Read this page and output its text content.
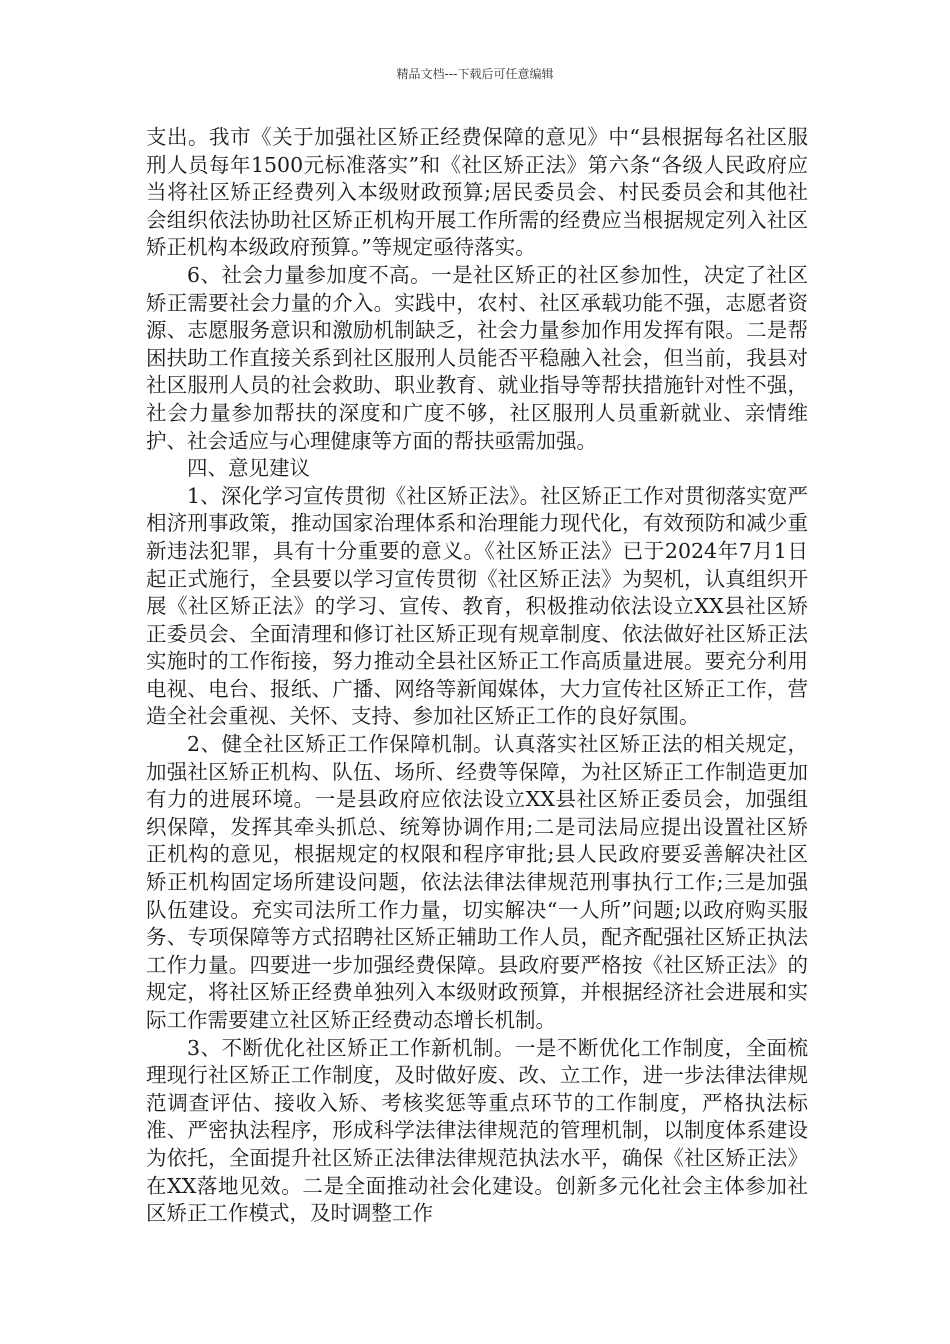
精品文档---下载后可任意编辑

支出。我市《关于加强社区矫正经费保障的意见》中“县根据每名社区服刑人员每年1500元标准落实”和《社区矫正法》第六条“各级人民政府应当将社区矫正经费列入本级财政预算;居民委员会、村民委员会和其他社会组织依法协助社区矫正机构开展工作所需的经费应当根据规定列入社区矫正机构本级政府预算。”等规定亟待落实。

6、社会力量参加度不高。一是社区矫正的社区参加性，决定了社区矫正需要社会力量的介入。实践中，农村、社区承载功能不强，志愿者资源、志愿服务意识和激励机制缺乏，社会力量参加作用发挥有限。二是帮困扶助工作直接关系到社区服刑人员能否平稳融入社会，但当前，我县对社区服刑人员的社会救助、职业教育、就业指导等帮扶措施针对性不强，社会力量参加帮扶的深度和广度不够，社区服刑人员重新就业、亲情维护、社会适应与心理健康等方面的帮扶亟需加强。

四、意见建议

1、深化学习宣传贯彻《社区矫正法》。社区矫正工作对贯彻落实宽严相济刑事政策，推动国家治理体系和治理能力现代化，有效预防和减少重新违法犯罪，具有十分重要的意义。《社区矫正法》已于2024年7月1日起正式施行，全县要以学习宣传贯彻《社区矫正法》为契机，认真组织开展《社区矫正法》的学习、宣传、教育，积极推动依法设立XX县社区矫正委员会、全面清理和修订社区矫正现有规章制度、依法做好社区矫正法实施时的工作衔接，努力推动全县社区矫正工作高质量进展。要充分利用电视、电台、报纸、广播、网络等新闻媒体，大力宣传社区矫正工作，营造全社会重视、关怀、支持、参加社区矫正工作的良好氛围。

2、健全社区矫正工作保障机制。认真落实社区矫正法的相关规定，加强社区矫正机构、队伍、场所、经费等保障，为社区矫正工作制造更加有力的进展环境。一是县政府应依法设立XX县社区矫正委员会，加强组织保障，发挥其牵头抓总、统筹协调作用;二是司法局应提出设置社区矫正机构的意见，根据规定的权限和程序审批;县人民政府要妥善解决社区矫正机构固定场所建设问题，依法法律法律规范刑事执行工作;三是加强队伍建设。充实司法所工作力量，切实解决“一人所”问题;以政府购买服务、专项保障等方式招聘社区矫正辅助工作人员，配齐配强社区矫正执法工作力量。四要进一步加强经费保障。县政府要严格按《社区矫正法》的规定，将社区矫正经费单独列入本级财政预算，并根据经济社会进展和实际工作需要建立社区矫正经费动态增长机制。

3、不断优化社区矫正工作新机制。一是不断优化工作制度，全面梳理现行社区矫正工作制度，及时做好废、改、立工作，进一步法律法律规范调查评估、接收入矫、考核奖惩等重点环节的工作制度，严格执法标准、严密执法程序，形成科学法律法律规范的管理机制，以制度体系建设为依托，全面提升社区矫正法律法律规范执法水平，确保《社区矫正法》在XX落地见效。二是全面推动社会化建设。创新多元化社会主体参加社区矫正工作模式，及时调整工作
